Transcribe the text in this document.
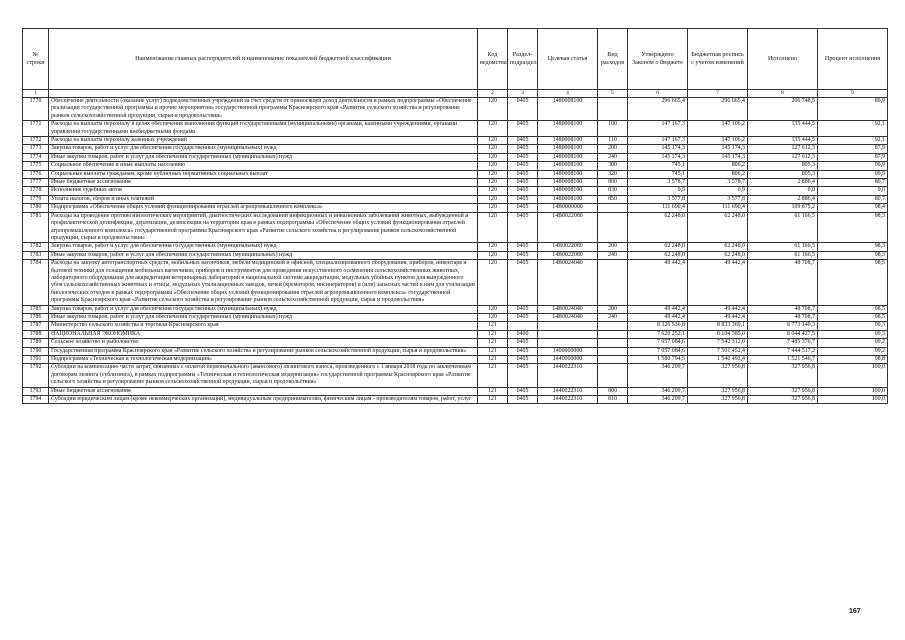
№ строки	Наименование главных распорядителей и наименование показателей бюджетной классификации	Код ведомства	Раздел-подраздел	Целевая статья	Вид расходов	Утверждено Законом о бюджете	Бюджетная роспись с учетом изменений	Исполнено	Процент исполнения
1		2	3	4	5	6	7	8	9
1770	Обеспечение деятельности (оказание услуг) подведомственных учреждений за счет средств от приносящей доход деятельности в рамках подпрограммы «Обеспечение реализации государственной программы и прочие мероприятия» государственной программы Красноярского края «Развитие сельского хозяйства и регулирование рынков сельскохозяйственной продукции, сырья и продовольствия»	120	0405	1480008100		296 665,4	296 665,4	266 748,5	89,9
1771	Расходы на выплаты персоналу в целях обеспечения выполнения функций государственными (муниципальными) органами, казенными учреждениями, органами управления государственными внебюджетными фондами	120	0405	1480008100	100	147 167,3	147 106,2	135 444,5	92,1
1772	Расходы на выплаты персоналу казенных учреждений	120	0405	1480008100	110	147 167,3	147 106,2	135 444,5	92,1
1773	Закупка товаров, работ и услуг для обеспечения государственных (муниципальных) нужд	120	0405	1480008100	200	145 174,3	145 174,3	127 612,3	87,9
1774	Иные закупки товаров, работ и услуг для обеспечения государственных (муниципальных) нужд	120	0405	1480008100	240	145 174,3	145 174,3	127 612,3	87,9
1775	Социальное обеспечение и иные выплаты населению	120	0405	1480008100	300	745,1	806,2	805,3	99,9
1776	Социальные выплаты гражданам, кроме публичных нормативных социальных выплат	120	0405	1480008100	320	745,1	806,2	805,3	99,9
1777	Иные бюджетные ассигнования	120	0405	1480008100	800	3 578,7	3 578,7	2 886,4	80,7
1778	Исполнение судебных актов	120	0405	1480008100	830	0,9	0,9	0,0	0,0
1779	Уплата налогов, сборов и иных платежей	120	0405	1480008100	850	3 577,8	3 577,8	2 886,4	80,7
1780	Подпрограмма «Обеспечение общих условий функционирования отраслей агропромышленного комплекса»	120	0405	14B0000000		111 690,4	111 690,4	109 875,2	98,4
1781	Расходы на проведение противоэпизоотических мероприятий, диагностических исследований инфекционных и инвазионных заболеваний животных, выбужденной и профилактической дезинфекции, дератизации, дезинсекции на территории края в рамках подпрограммы «Обеспечение общих условий функционирования отраслей агропромышленного комплекса» государственной программы Красноярского края «Развитие сельского хозяйства и регулирование рынков сельскохозяйственной продукции, сырья и продовольствия»	120	0405	14B0022080		62 248,0	62 248,0	61 166,5	98,3
1782	Закупка товаров, работ и услуг для обеспечения государственных (муниципальных) нужд	120	0405	14B0022080	200	62 248,0	62 248,0	61 166,5	98,3
1783	Иные закупки товаров, работ и услуг для обеспечения государственных (муниципальных) нужд	120	0405	14B0022080	240	62 248,0	62 248,0	61 166,5	98,3
1784	Расходы на закупку автотранспортных средств, мобильных вагончиков, мебели медицинской и офисной, специализированного оборудования, приборов, инвентаря и бытовой техники для оснащения мобильных вагончиков, приборов и инструментов для проведения искусственного осеменения сельскохозяйственных животных, лабораторного оборудования для аккредитации ветеринарных лабораторий в национальной системе аккредитации, модульных убойных пунктов для вынужденного убоя сельскохозяйственных животных и птицы, модульных утилизационных заводов, печей (крематоров, инсинераторов) и (или) запасных частей к ним для утилизации биологических отходов в рамках подпрограммы «Обеспечение общих условий функционирования отраслей агропромышленного комплекса» государственной программы Красноярского края «Развитие сельского хозяйства и регулирование рынков сельскохозяйственной продукции, сырья и продовольствия»	120	0405	14B0024040		49 442,4	49 442,4	48 708,7	98,5
1785	Закупка товаров, работ и услуг для обеспечения государственных (муниципальных) нужд	120	0405	14B0024040	200	49 442,4	49 442,4	48 708,7	98,5
1786	Иные закупки товаров, работ и услуг для обеспечения государственных (муниципальных) нужд	120	0405	14B0024040	240	49 442,4	49 442,4	48 708,7	98,5
1787	Министерство сельского хозяйства и торговли Красноярского края	121				8 326 536,8	8 833 369,1	8 773 140,3	99,3
1788	НАЦИОНАЛЬНАЯ ЭКОНОМИКА	121	0400			7 620 252,1	8 104 585,0	8 044 427,5	99,3
1789	Сельское хозяйство и рыболовство	121	0405			7 057 084,6	7 542 312,0	7 485 376,7	99,2
1790	Государственная программа Красноярского края «Развитие сельского хозяйства и регулирование рынков сельскохозяйственной продукции, сырья и продовольствия»	121	0405	1400000000		7 057 084,6	7 501 452,4	7 444 517,2	99,2
1791	Подпрограмма «Техническая и технологическая модернизация»	121	0405	1440000000		1 580 794,5	1 540 493,4	1 521 546,7	98,8
1792	Субсидии на компенсацию части затрат, связанных с оплатой первоначального (авансового) лизингового взноса, произведенного с 1 января 2018 года по заключенным договорам лизинга (сублизинга), в рамках подпрограммы «Техническая и технологическая модернизация» государственной программы Красноярского края «Развитие сельского хозяйства и регулирование рынков сельскохозяйственной продукции, сырья и продовольствия»	121	0405	1440022310		346 299,7	327 956,8	327 956,8	100,0
1793	Иные бюджетные ассигнования	121	0405	1440022310	800	346 299,7	327 956,8	327 956,8	100,0
1794	Субсидии юридическим лицам (кроме некоммерческих организаций), индивидуальным предпринимателям, физическим лицам - производителям товаров, работ, услуг	121	0405	1440022310	810	346 299,7	327 956,8	327 956,8	100,0
167
